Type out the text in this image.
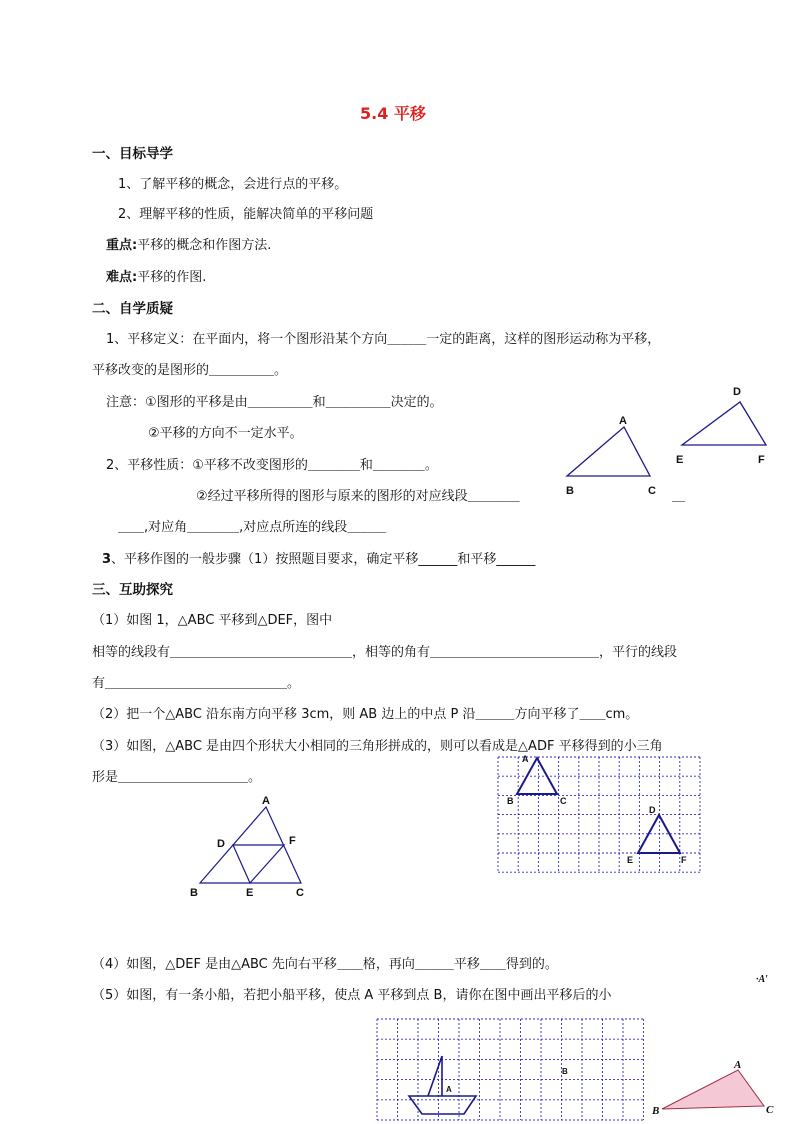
5.4 平移
一、目标导学
1、了解平移的概念，会进行点的平移。
2、理解平移的性质，能解决简单的平移问题
重点:平移的概念和作图方法.
难点:平移的作图.
二、自学质疑
1、平移定义：在平面内，将一个图形沿某个方向＿＿＿一定的距离，这样的图形运动称为平移，
平移改变的是图形的＿＿＿＿＿。
注意：①图形的平移是由＿＿＿＿＿和＿＿＿＿＿决定的。
②平移的方向不一定水平。
2、平移性质：①平移不改变图形的＿＿＿＿和＿＿＿＿。
②经过平移所得的图形与原来的图形的对应线段＿＿＿＿	＿
＿＿,对应角＿＿＿＿,对应点所连的线段＿＿＿
3、平移作图的一般步骤（1）按照题目要求，确定平移______和平移______
A
B	C
D
E	F
三、互助探究
（1）如图 1，△ABC 平移到△DEF，图中
相等的线段有＿＿＿＿＿＿＿＿＿＿＿＿＿＿，相等的角有＿＿＿＿＿＿＿＿＿＿＿＿＿，平行的线段
有＿＿＿＿＿＿＿＿＿＿＿＿＿＿。
（2）把一个△ABC 沿东南方向平移 3cm，则 AB 边上的中点 P 沿＿＿＿方向平移了＿＿cm。
（3）如图，△ABC 是由四个形状大小相同的三角形拼成的，则可以看成是△ADF 平移得到的小三角
形是＿＿＿＿＿＿＿＿＿＿。
A
D	F
B	E	C
A
B	C
D
E	F
（4）如图，△DEF 是由△ABC 先向右平移＿＿格，再向＿＿＿平移＿＿得到的。
·A′
（5）如图，有一条小船，若把小船平移，使点 A 平移到点 B，请你在图中画出平移后的小
A
B
A
B	C
